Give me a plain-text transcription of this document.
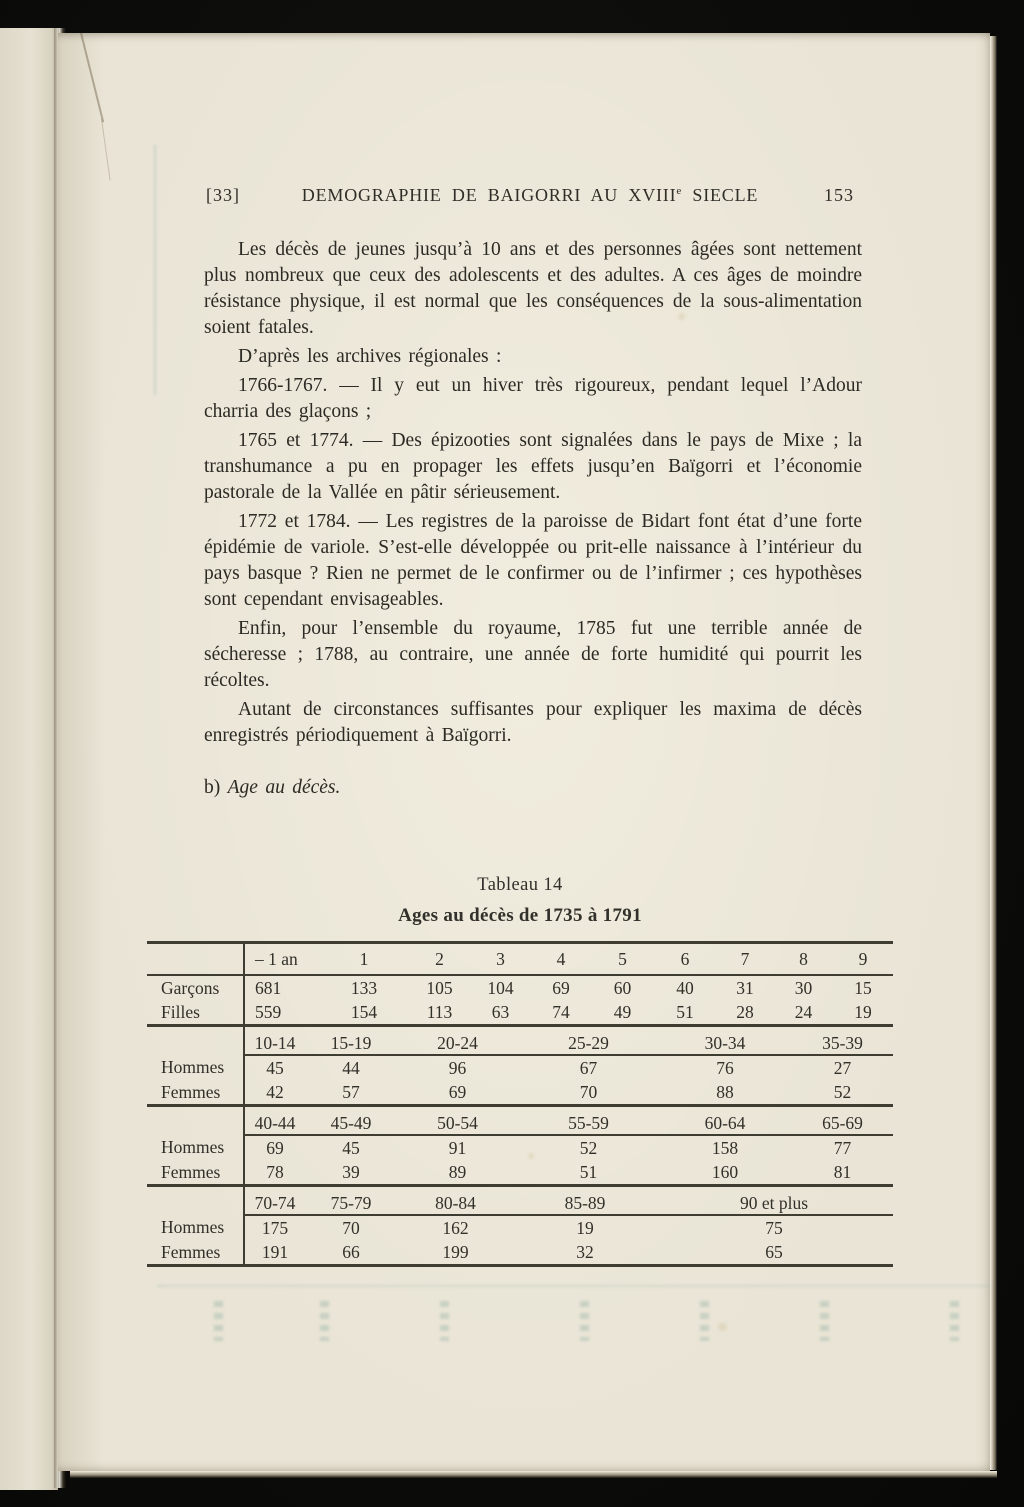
[33]	DEMOGRAPHIE DE BAIGORRI AU XVIIIe SIECLE	153

Les décès de jeunes jusqu’à 10 ans et des personnes âgées sont nettement plus nombreux que ceux des adolescents et des adultes. A ces âges de moindre résistance physique, il est normal que les conséquences de la sous-alimentation soient fatales.

D’après les archives régionales :

1766-1767. — Il y eut un hiver très rigoureux, pendant lequel l’Adour charria des glaçons ;

1765 et 1774. — Des épizooties sont signalées dans le pays de Mixe ; la transhumance a pu en propager les effets jusqu’en Baïgorri et l’économie pastorale de la Vallée en pâtir sérieusement.

1772 et 1784. — Les registres de la paroisse de Bidart font état d’une forte épidémie de variole. S’est-elle développée ou prit-elle naissance à l’intérieur du pays basque ? Rien ne permet de le confirmer ou de l’infirmer ; ces hypothèses sont cependant envisageables.

Enfin, pour l’ensemble du royaume, 1785 fut une terrible année de sécheresse ; 1788, au contraire, une année de forte humidité qui pourrit les récoltes.

Autant de circonstances suffisantes pour expliquer les maxima de décès enregistrés périodiquement à Baïgorri.

b) Age au décès.
Tableau 14
Ages au décès de 1735 à 1791
	– 1 an	1	2	3	4	5	6	7	8	9
Garçons	681	133	105	104	69	60	40	31	30	15
Filles	559	154	113	63	74	49	51	28	24	19
	10-14	15-19	20-24	25-29	30-34	35-39
Hommes	45	44	96	67	76	27
Femmes	42	57	69	70	88	52
	40-44	45-49	50-54	55-59	60-64	65-69
Hommes	69	45	91	52	158	77
Femmes	78	39	89	51	160	81
	70-74	75-79	80-84	85-89	90 et plus
Hommes	175	70	162	19	75
Femmes	191	66	199	32	65
